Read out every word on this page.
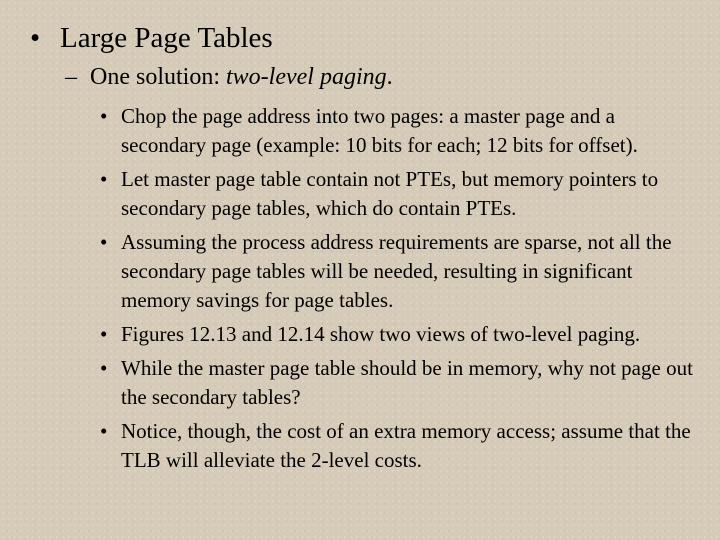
• Large Page Tables
– One solution: two-level paging.
• Chop the page address into two pages: a master page and a secondary page (example: 10 bits for each; 12 bits for offset).
• Let master page table contain not PTEs, but memory pointers to secondary page tables, which do contain PTEs.
• Assuming the process address requirements are sparse, not all the secondary page tables will be needed, resulting in significant memory savings for page tables.
• Figures 12.13 and 12.14 show two views of two-level paging.
• While the master page table should be in memory, why not page out the secondary tables?
• Notice, though, the cost of an extra memory access; assume that the TLB will alleviate the 2-level costs.
